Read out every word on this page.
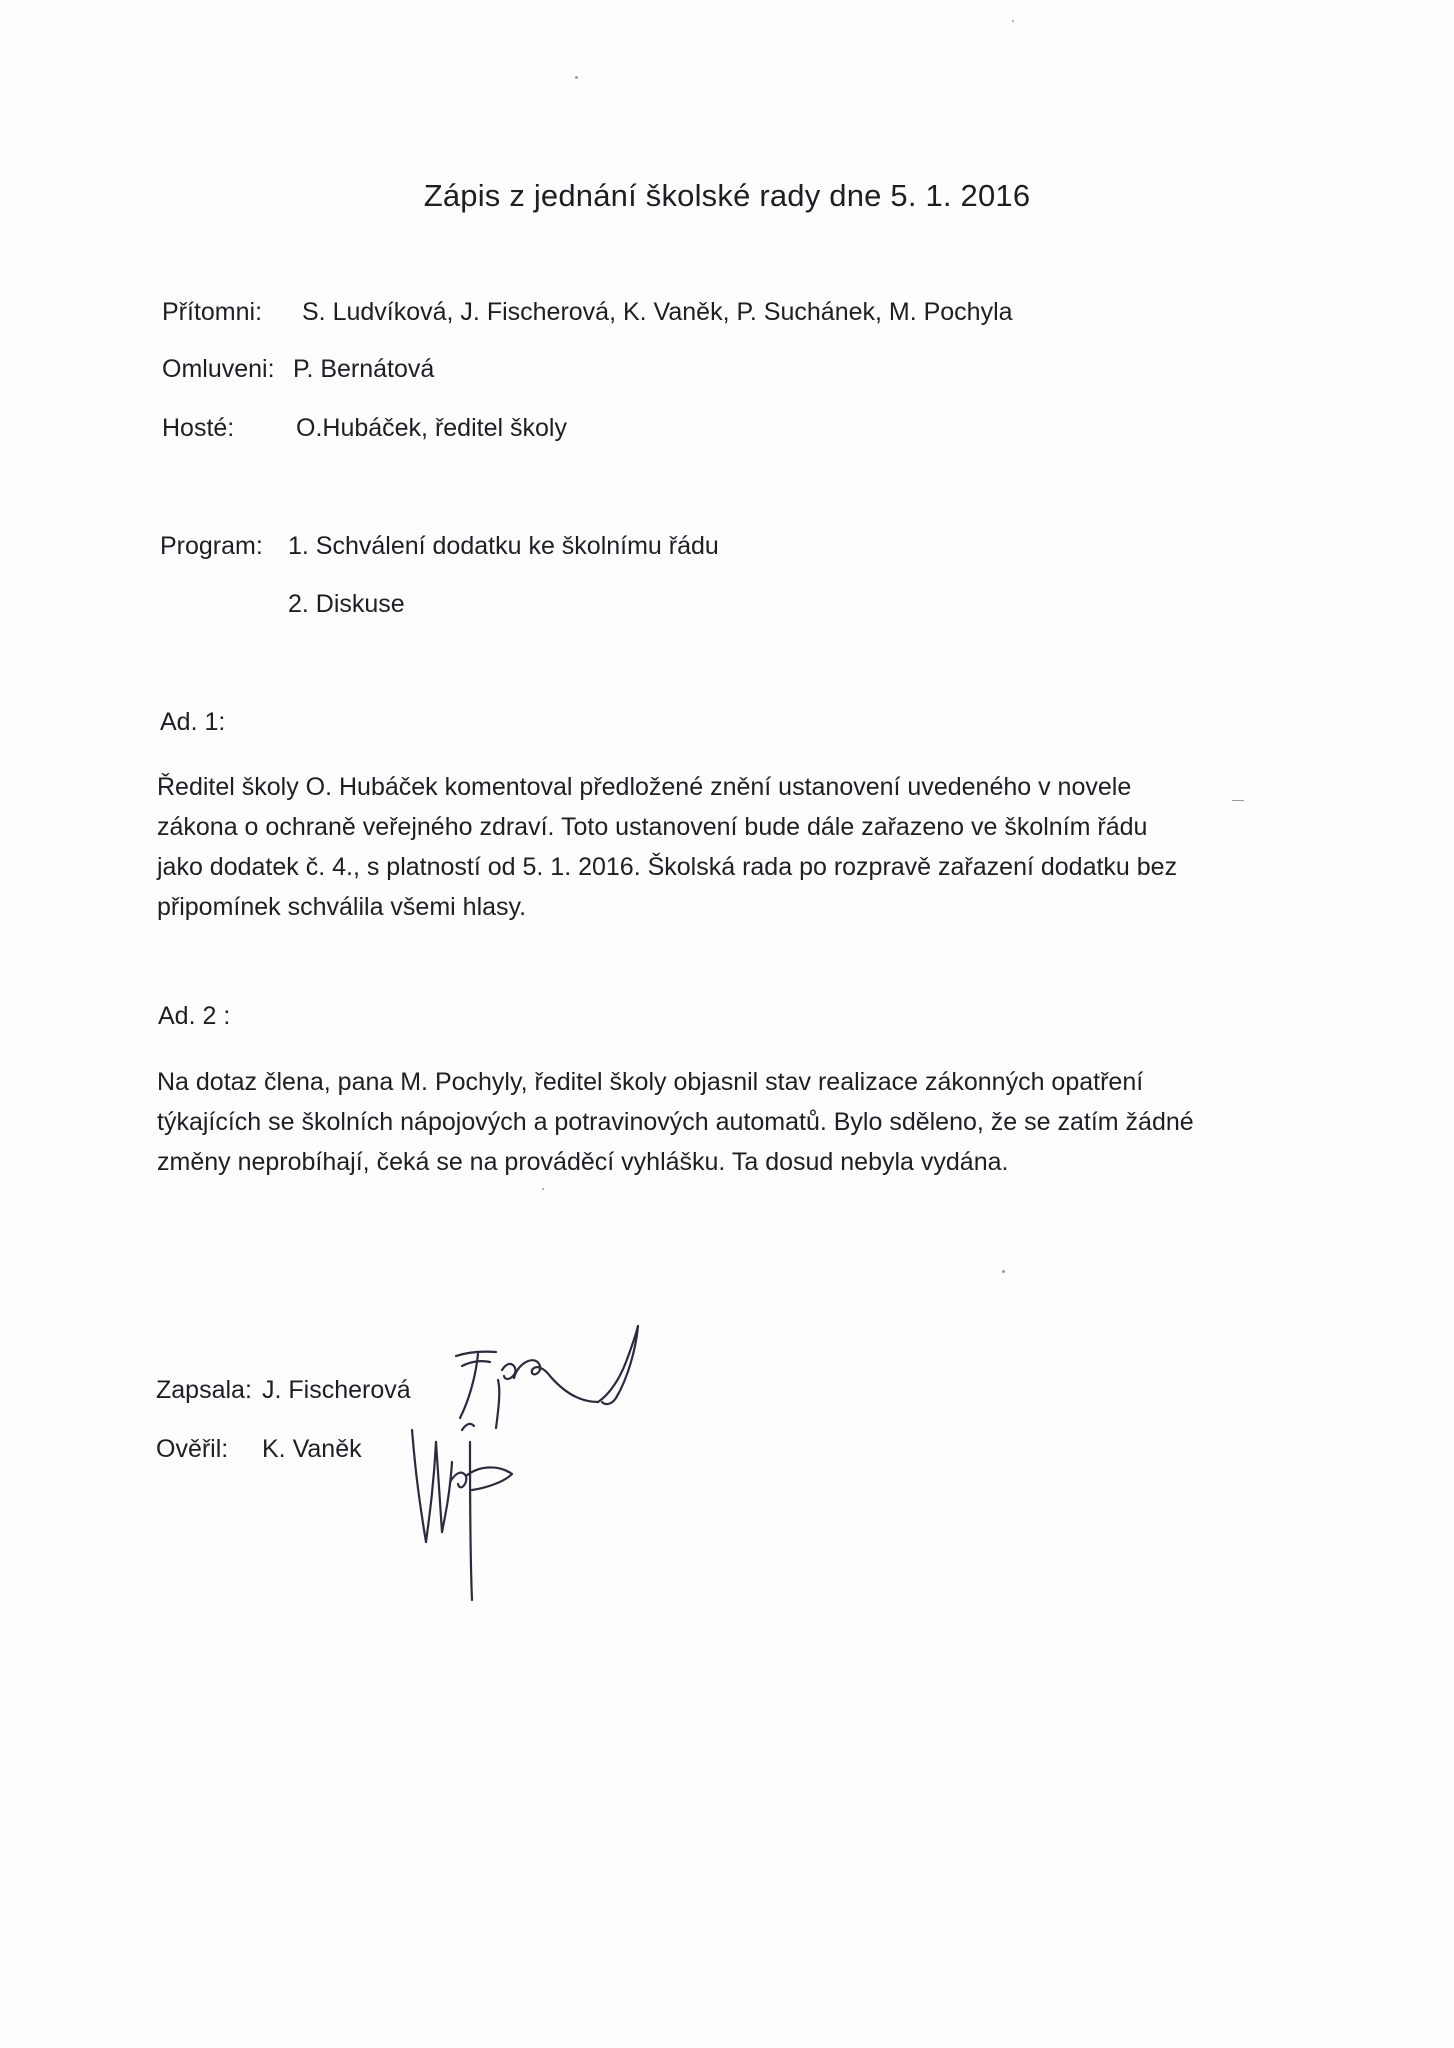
Zápis z jednání školské rady dne 5. 1. 2016
Přítomni: S. Ludvíková, J. Fischerová, K. Vaněk, P. Suchánek, M. Pochyla
Omluveni: P. Bernátová
Hosté: O.Hubáček, ředitel školy
Program: 1. Schválení dodatku ke školnímu řádu
2. Diskuse
Ad. 1:
Ředitel školy O. Hubáček komentoval předložené znění ustanovení uvedeného v novele
zákona o ochraně veřejného zdraví. Toto ustanovení bude dále zařazeno ve školním řádu
jako dodatek č. 4., s platností od 5. 1. 2016. Školská rada po rozpravě zařazení dodatku bez
připomínek schválila všemi hlasy.
Ad. 2 :
Na dotaz člena, pana M. Pochyly, ředitel školy objasnil stav realizace zákonných opatření
týkajících se školních nápojových a potravinových automatů. Bylo sděleno, že se zatím žádné
změny neprobíhají, čeká se na prováděcí vyhlášku. Ta dosud nebyla vydána.
Zapsala: J. Fischerová
Ověřil: K. Vaněk
